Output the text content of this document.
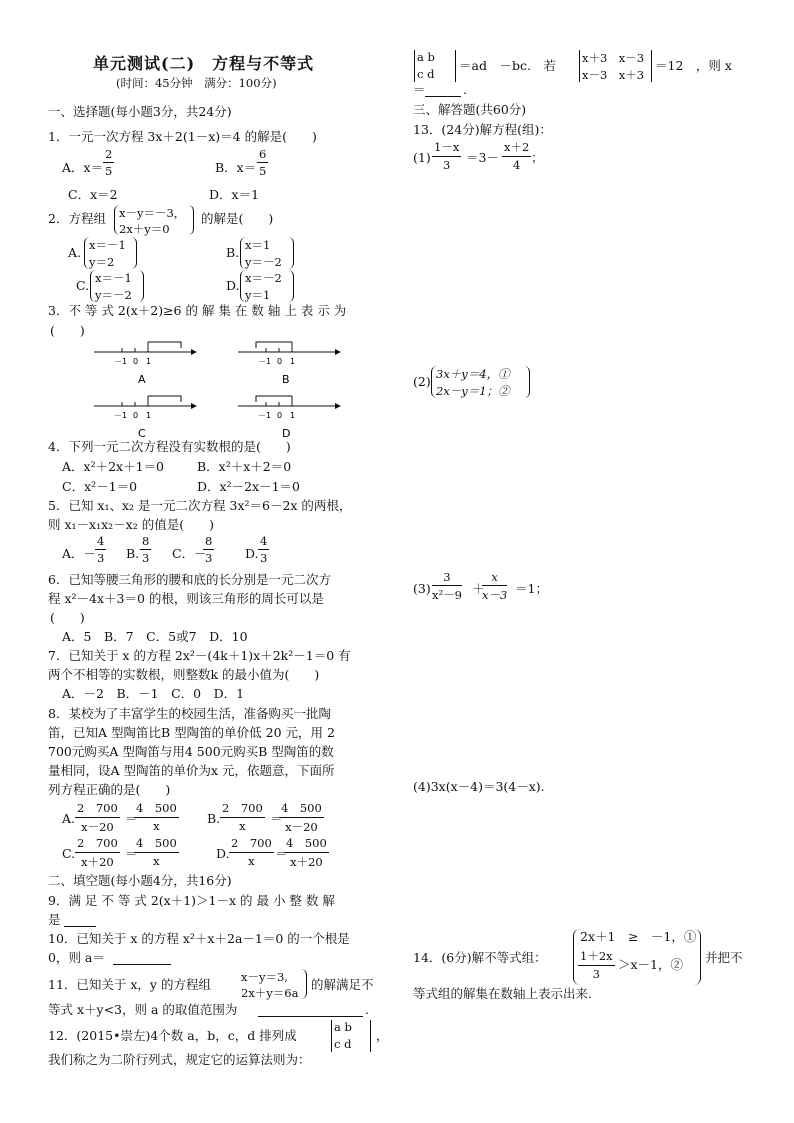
单元测试(二)　方程与不等式
(时间：45分钟　满分：100分)
一、选择题(每小题3分，共24分)
1．一元一次方程 3x＋2(1－x)＝4 的解是(　　)
A．$x= \frac{2}{5}$	B．$x= \frac{6}{5}$
C．x＝2	D．x＝1
2．方程组 x－y＝－3，
2x＋y＝0
的解是(　　)
A. x＝－1
y＝2
B. x＝1
y＝－2
C. x＝－1
y＝－2
D. x＝－2
y＝1
3．不 等 式 2(x＋2)≥6 的 解 集 在 数 轴 上 表 示 为
(　　)
－1 0 1
A
－1 0 1
B
－1 0 1
C
－1 0 1
D
4．下列一元二次方程没有实数根的是(　　)
A．x²＋2x＋1＝0	B．x²＋x＋2＝0
C．x²－1＝0	D．x²－2x－1＝0
5．已知 x₁、x₂ 是一元二次方程 3x²＝6－2x 的两根，
则 x₁－x₁x₂－x₂ 的值是(　　)
A．－
$\frac{4}{3} B$. $\frac{8}{3}$ C．－
$\frac{8}{3} D$. $\frac{4}{3}$
6．已知等腰三角形的腰和底的长分别是一元二次方
程 x²－4x＋3＝0 的根，则该三角形的周长可以是
(　　)
A．5　B．7　C．5或7　D．10
7．已知关于 x 的方程 2x²－(4k＋1)x＋2k²－1＝0 有
两个不相等的实数根，则整数k 的最小值为(　　)
A．－2　B．－1　C．0　D．1
8．某校为了丰富学生的校园生活，准备购买一批陶
笛，已知A 型陶笛比B 型陶笛的单价低 20 元，用 2
700元购买A 型陶笛与用4 500元购买B 型陶笛的数
量相同，设A 型陶笛的单价为x 元，依题意，下面所
列方程正确的是(　　)
A. $\frac{2 700}{x-20}$ ＝
$\frac{4 500}{x} B$. $\frac{2 700}{x}$ ＝
$\frac{4 500}{x-20}$
C. $\frac{2 700}{x+20}$ ＝
$\frac{4 500}{x}$	D. $\frac{2 700}{x}$ ＝
$\frac{4 500}{x+20}$
二、填空题(每小题4分，共16分)
9．满 足 不 等 式 2(x＋1)＞1－x 的 最 小 整 数 解
是
10．已知关于 x 的方程 x²＋x＋2a－1＝0 的一个根是
0，则 a＝
11．已知关于 x，y 的方程组	x－y＝3,
2x＋y＝6a
的解满足不
等式 x＋y<3，则 a 的取值范围为	.
12．(2015•崇左)4个数 a，b，c，d 排列成
a b
c d
，
我们称之为二阶行列式，规定它的运算法则为：
a b
c d
＝ad　－bc.　若 x＋3　x－3
x－3　x＋3
＝12　，则 x
＝	.
三、解答题(共60分)
13．(24分)解方程(组)：
$(1) \frac{1-x}{3} =3- \frac{x+2}{4}$ ；
(2) 3x＋y＝4，①
2x－y＝1；②
$(3) \frac{3}{\text{x²－9}}$ ＋
$\frac{x}{x-3} =1$；
(4)3x(x－4)＝3(4－x).
14．(6分)解不等式组：
2x＋1　≥　－1，①
$\frac{1+2x}{3} >x-1$，② 并把不
等式组的解集在数轴上表示出来.
